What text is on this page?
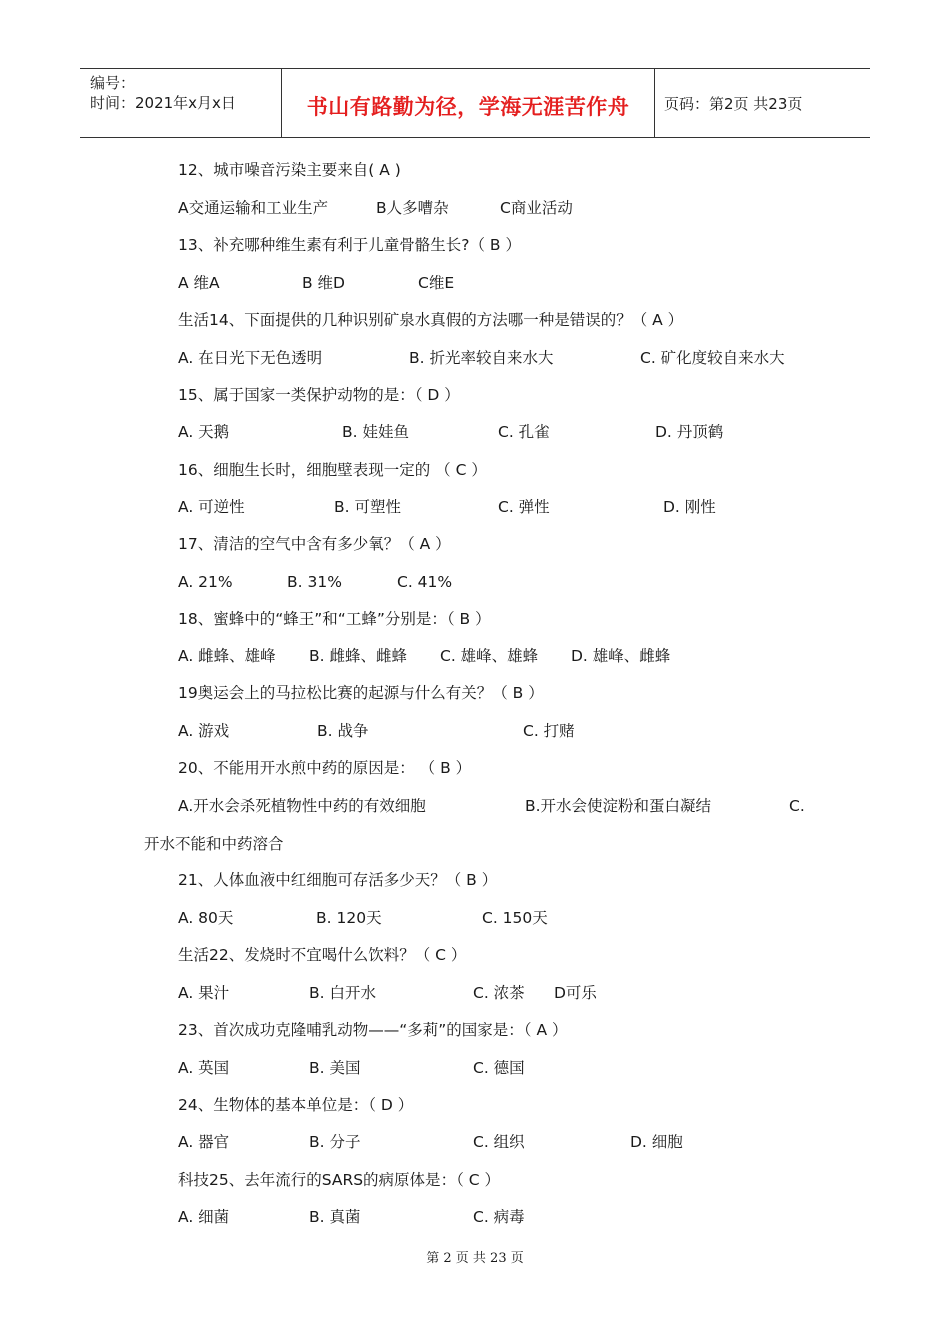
编号：
时间：2021年x月x日	书山有路勤为径，学海无涯苦作舟	页码：第2页 共23页
12、城市噪音污染主要来自( A )
A交通运输和工业生产	B人多嘈杂	C商业活动
13、补充哪种维生素有利于儿童骨骼生长?（ B ）
A 维A	B 维D	C维E
生活14、下面提供的几种识别矿泉水真假的方法哪一种是错误的？（ A ）
A. 在日光下无色透明	B. 折光率较自来水大	C. 矿化度较自来水大
15、属于国家一类保护动物的是：（ D ）
A. 天鹅	B. 娃娃鱼	C. 孔雀	D. 丹顶鹤
16、细胞生长时，细胞壁表现一定的 （ C ）
A. 可逆性	B. 可塑性	C. 弹性	D. 刚性
17、清洁的空气中含有多少氧？（ A ）
A. 21%	B. 31%	C. 41%
18、蜜蜂中的“蜂王”和“工蜂”分别是：（ B ）
A. 雌蜂、雄峰 B. 雌蜂、雌蜂 C. 雄峰、雄蜂 D. 雄峰、雌蜂
19奥运会上的马拉松比赛的起源与什么有关？（ B ）
A. 游戏	B. 战争	C. 打赌
20、不能用开水煎中药的原因是： （ B ）
A.开水会杀死植物性中药的有效细胞	B.开水会使淀粉和蛋白凝结	C.
开水不能和中药溶合
21、人体血液中红细胞可存活多少天？（ B ）
A. 80天	B. 120天	C. 150天
生活22、发烧时不宜喝什么饮料？（ C ）
A. 果汁	B. 白开水	C. 浓茶 D可乐
23、首次成功克隆哺乳动物——“多莉”的国家是：（ A ）
A. 英国	B. 美国	C. 德国
24、生物体的基本单位是：（ D ）
A. 器官	B. 分子	C. 组织	D. 细胞
科技25、去年流行的SARS的病原体是：（ C ）
A. 细菌	B. 真菌	C. 病毒
第 2 页 共 23 页
